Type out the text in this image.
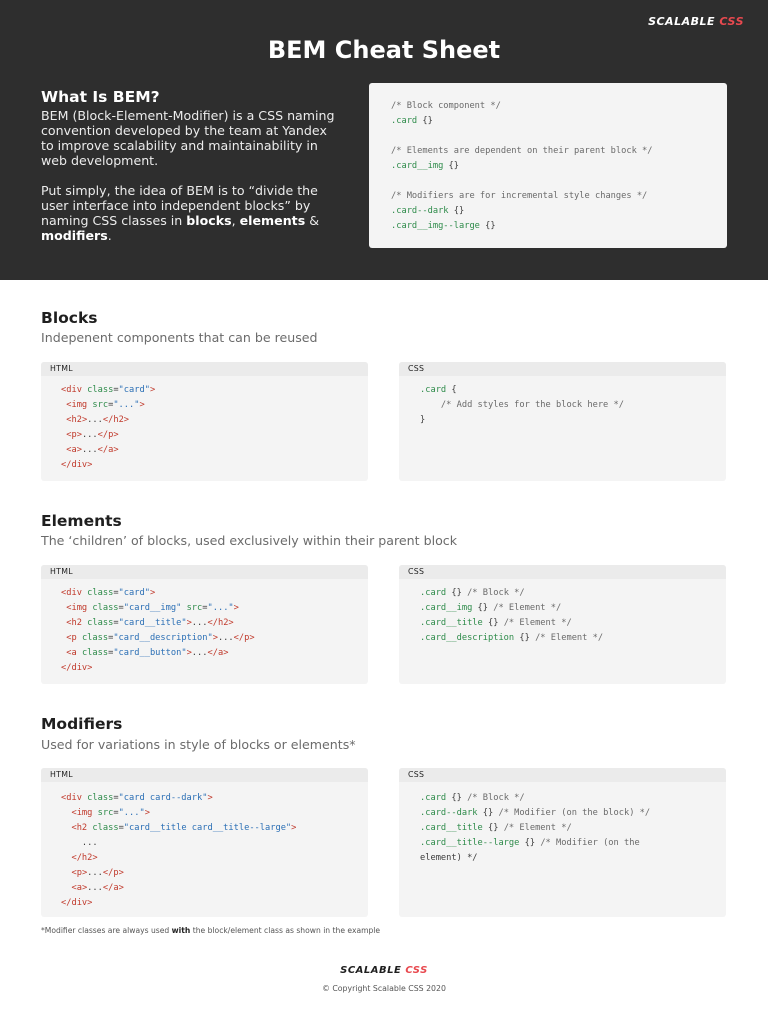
SCALABLE CSS
BEM Cheat Sheet
What Is BEM?

BEM (Block-Element-Modifier) is a CSS naming convention developed by the team at Yandex to improve scalability and maintainability in web development.

Put simply, the idea of BEM is to “divide the user interface into independent blocks” by naming CSS classes in blocks, elements & modifiers.

/* Block component */
.card {}
/* Elements are dependent on their parent block */
.card__img {}
/* Modifiers are for incremental style changes */
.card--dark {}
.card__img--large {}
Blocks
Indepenent components that can be reused
HTML
<div class="card">
<img src="...">
<h2>...</h2>
<p>...</p>
<a>...</a>
</div>
CSS
.card {
/* Add styles for the block here */
}
Elements
The ‘children’ of blocks, used exclusively within their parent block
HTML
<div class="card">
<img class="card__img" src="...">
<h2 class="card__title">...</h2>
<p class="card__description">...</p>
<a class="card__button">...</a>
</div>
CSS
.card {} /* Block */
.card__img {} /* Element */
.card__title {} /* Element */
.card__description {} /* Element */
Modifiers
Used for variations in style of blocks or elements*
HTML
<div class="card card--dark">
<img src="...">
<h2 class="card__title card__title--large">
...
</h2>
<p>...</p>
<a>...</a>
</div>
CSS
.card {} /* Block */
.card--dark {} /* Modifier (on the block) */
.card__title {} /* Element */
.card__title--large {} /* Modifier (on the
element) */
*Modifier classes are always used with the block/element class as shown in the example
SCALABLE CSS
© Copyright Scalable CSS 2020
